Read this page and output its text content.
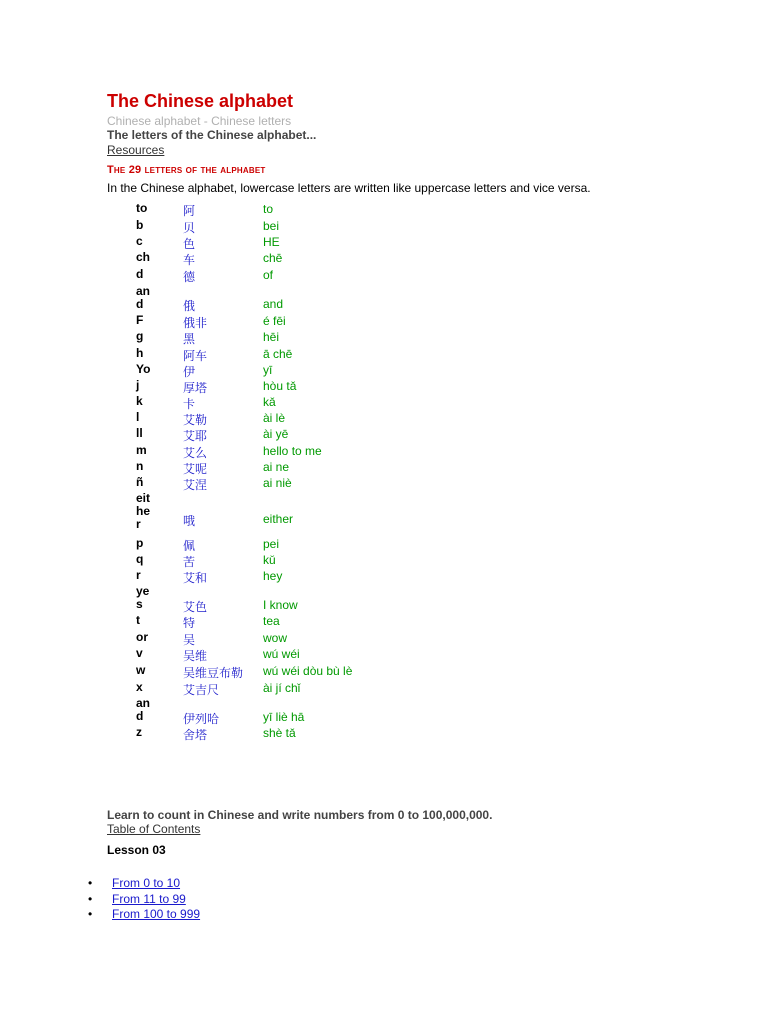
The Chinese alphabet
Chinese alphabet - Chinese letters
The letters of the Chinese alphabet...
Resources
The 29 letters of the alphabet
In the Chinese alphabet, lowercase letters are written like uppercase letters and vice versa.
to	阿	to
b	贝	bei
c	色	HE
ch	车	chē
d	德	of
and	俄	and
F	俄非	é fēi
g	黑	hēi
h	阿车	ā chē
Yo	伊	yī
j	厚塔	hòu tǎ
k	卡	kǎ
l	艾勒	ài lè
ll	艾耶	ài yē
m	艾么	hello to me
n	艾呢	ai ne
ñ	艾涅	ai niè
either	哦	either
p	佩	pei
q	苦	kǔ
r	艾和	hey
yes	艾色	I know
t	特	tea
or	吴	wow
v	吴维	wú wéi
w	吴维豆布勒 wú wéi dòu bù lè
x	艾吉尺	ài jí chǐ
and	伊列哈	yī liè hā
z	舍塔	shè tǎ
Learn to count in Chinese and write numbers from 0 to 100,000,000.
Table of Contents
Lesson 03
• From 0 to 10
• From 11 to 99
• From 100 to 999
